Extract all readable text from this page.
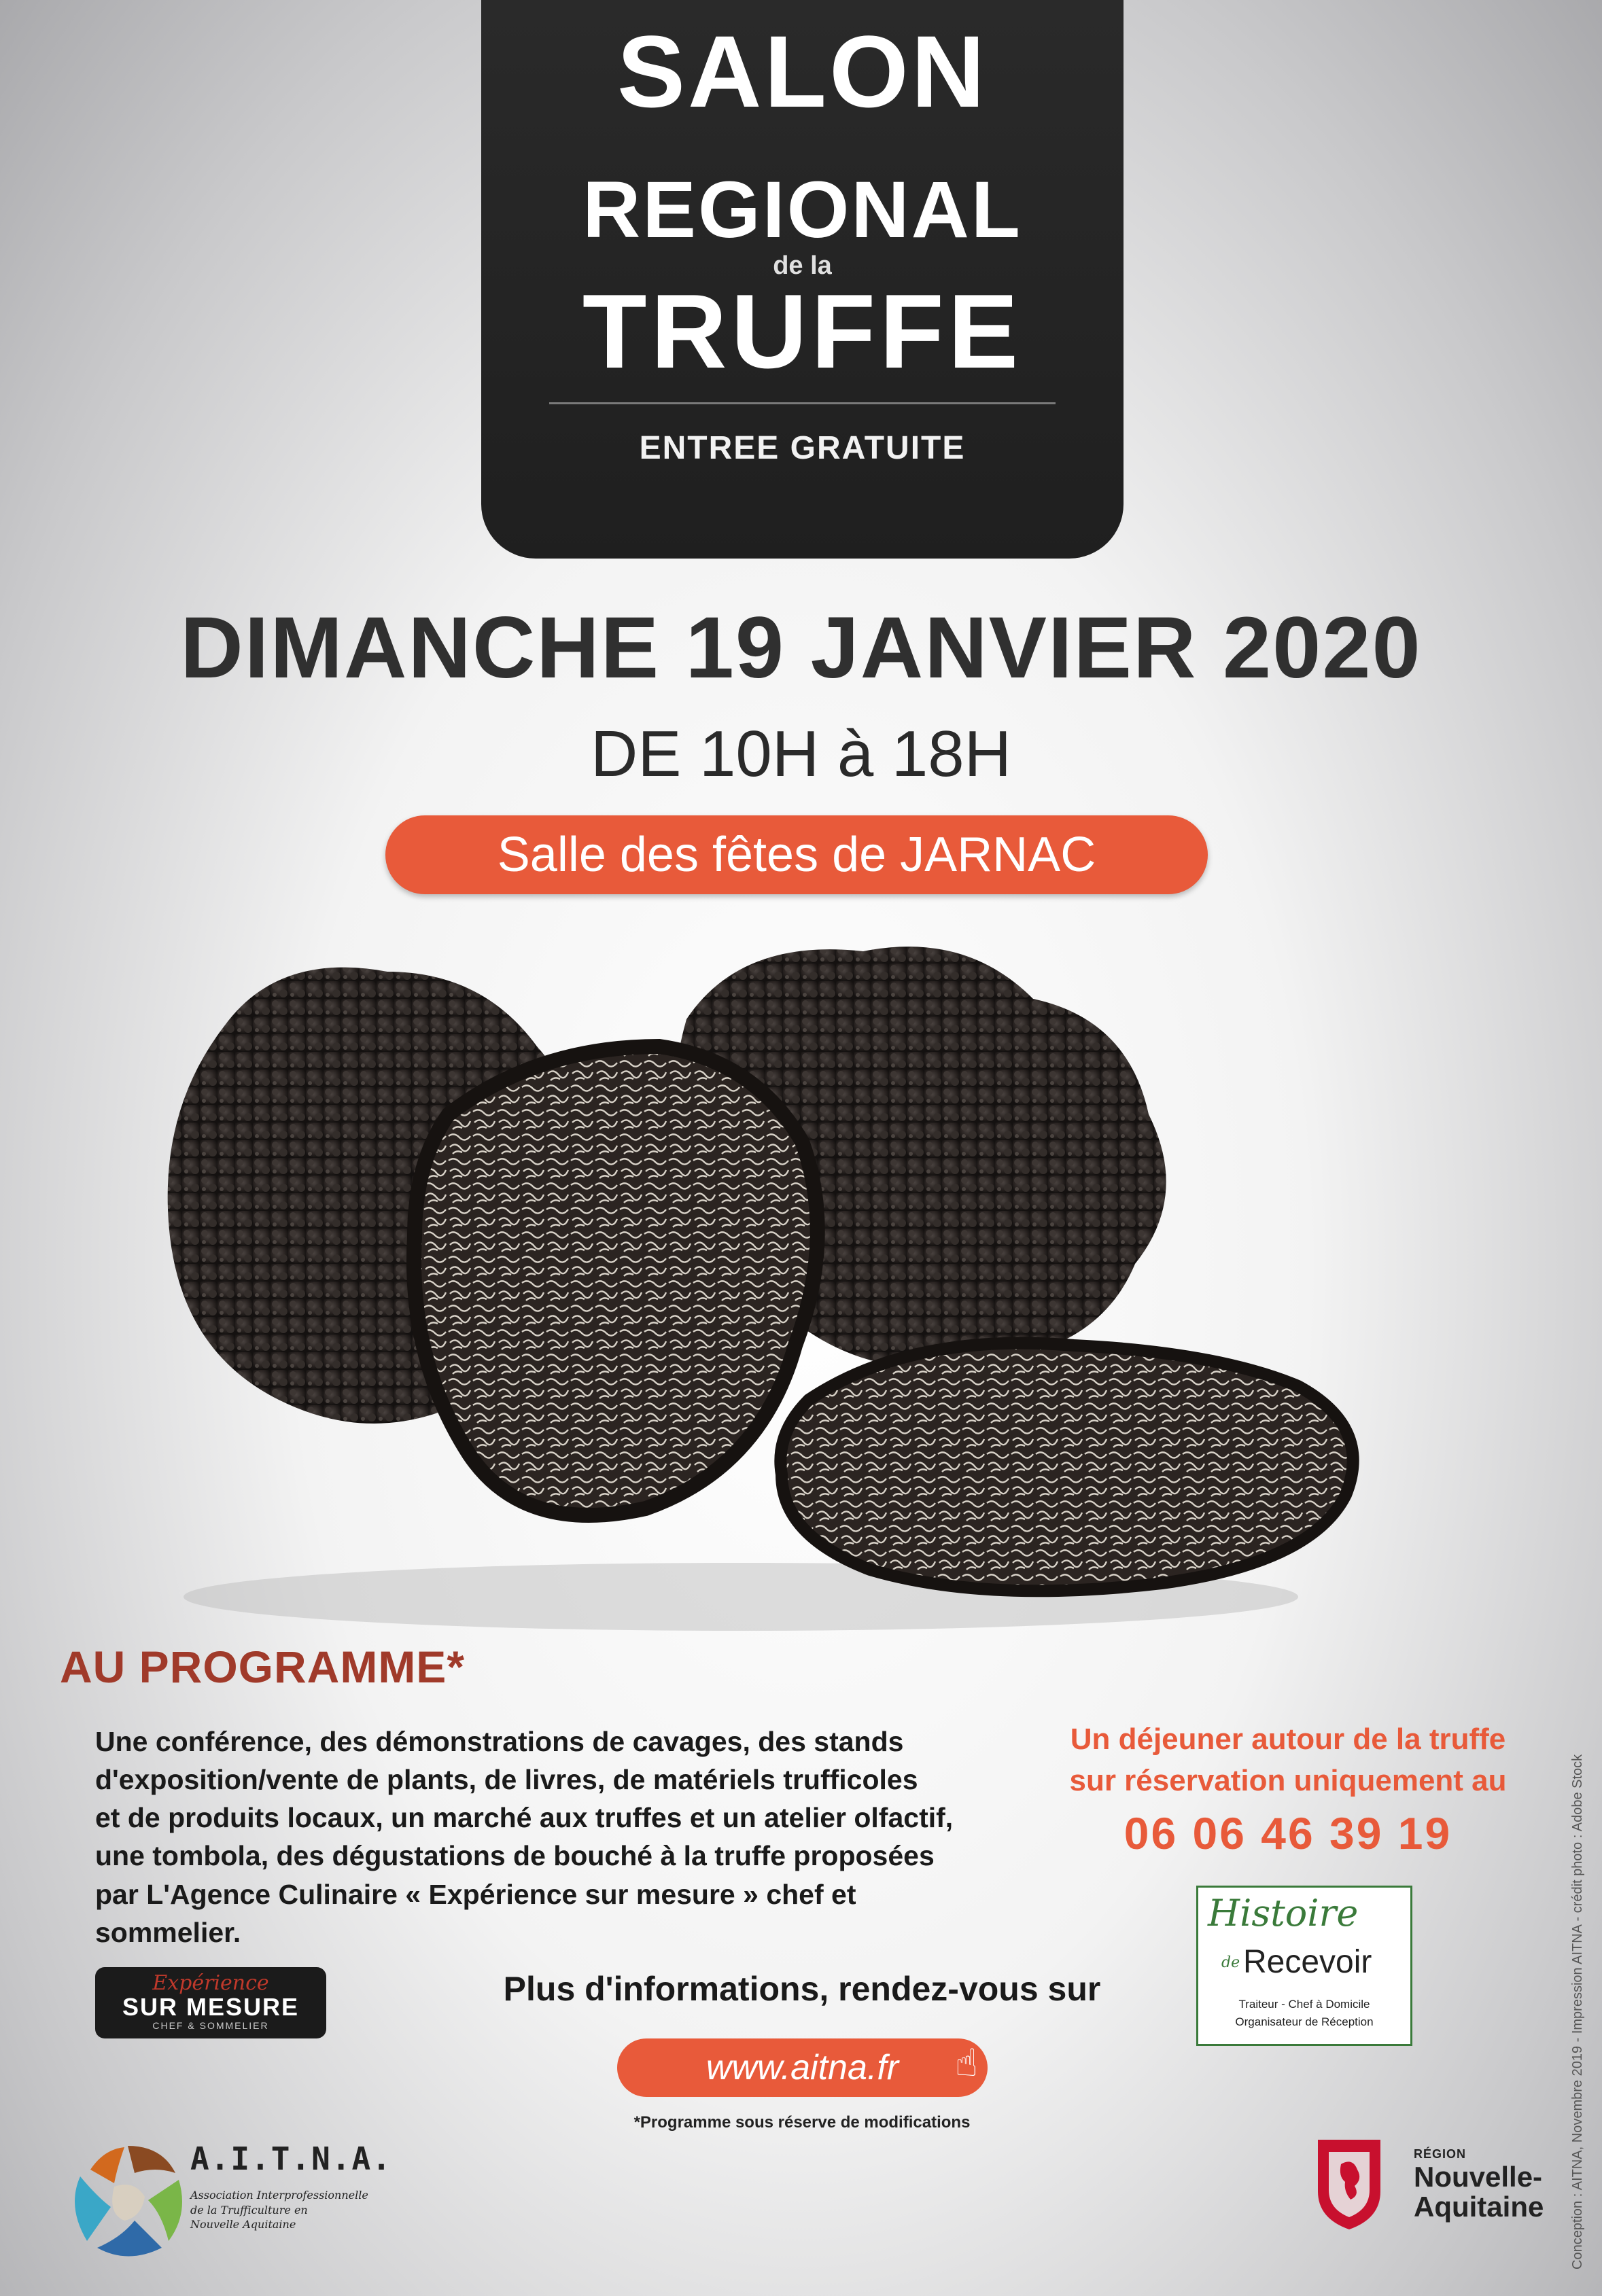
SALON
REGIONAL
de la
TRUFFE
ENTREE GRATUITE
DIMANCHE 19 JANVIER 2020
DE 10H à 18H
Salle des fêtes de JARNAC
AU PROGRAMME*
Une conférence, des démonstrations de cavages, des stands
d'exposition/vente de plants, de livres, de matériels trufficoles
et de produits locaux, un marché aux truffes et un atelier olfactif,
une tombola, des dégustations de bouché à la truffe proposées
par L'Agence Culinaire « Expérience sur mesure » chef et
sommelier.
Un déjeuner autour de la truffe
sur réservation uniquement au
06 06 46 39 19
Histoire
de Recevoir
Traiteur - Chef à Domicile
Organisateur de Réception
Expérience
SUR MESURE
CHEF & SOMMELIER
Plus d'informations, rendez-vous sur
www.aitna.fr ☝
*Programme sous réserve de modifications
A.I.T.N.A.
Association Interprofessionnelle
de la Trufficulture en
Nouvelle Aquitaine
RÉGION
Nouvelle-
Aquitaine Conception : AITNA, Novembre 2019 - Impression AITNA - crédit photo : Adobe Stock
